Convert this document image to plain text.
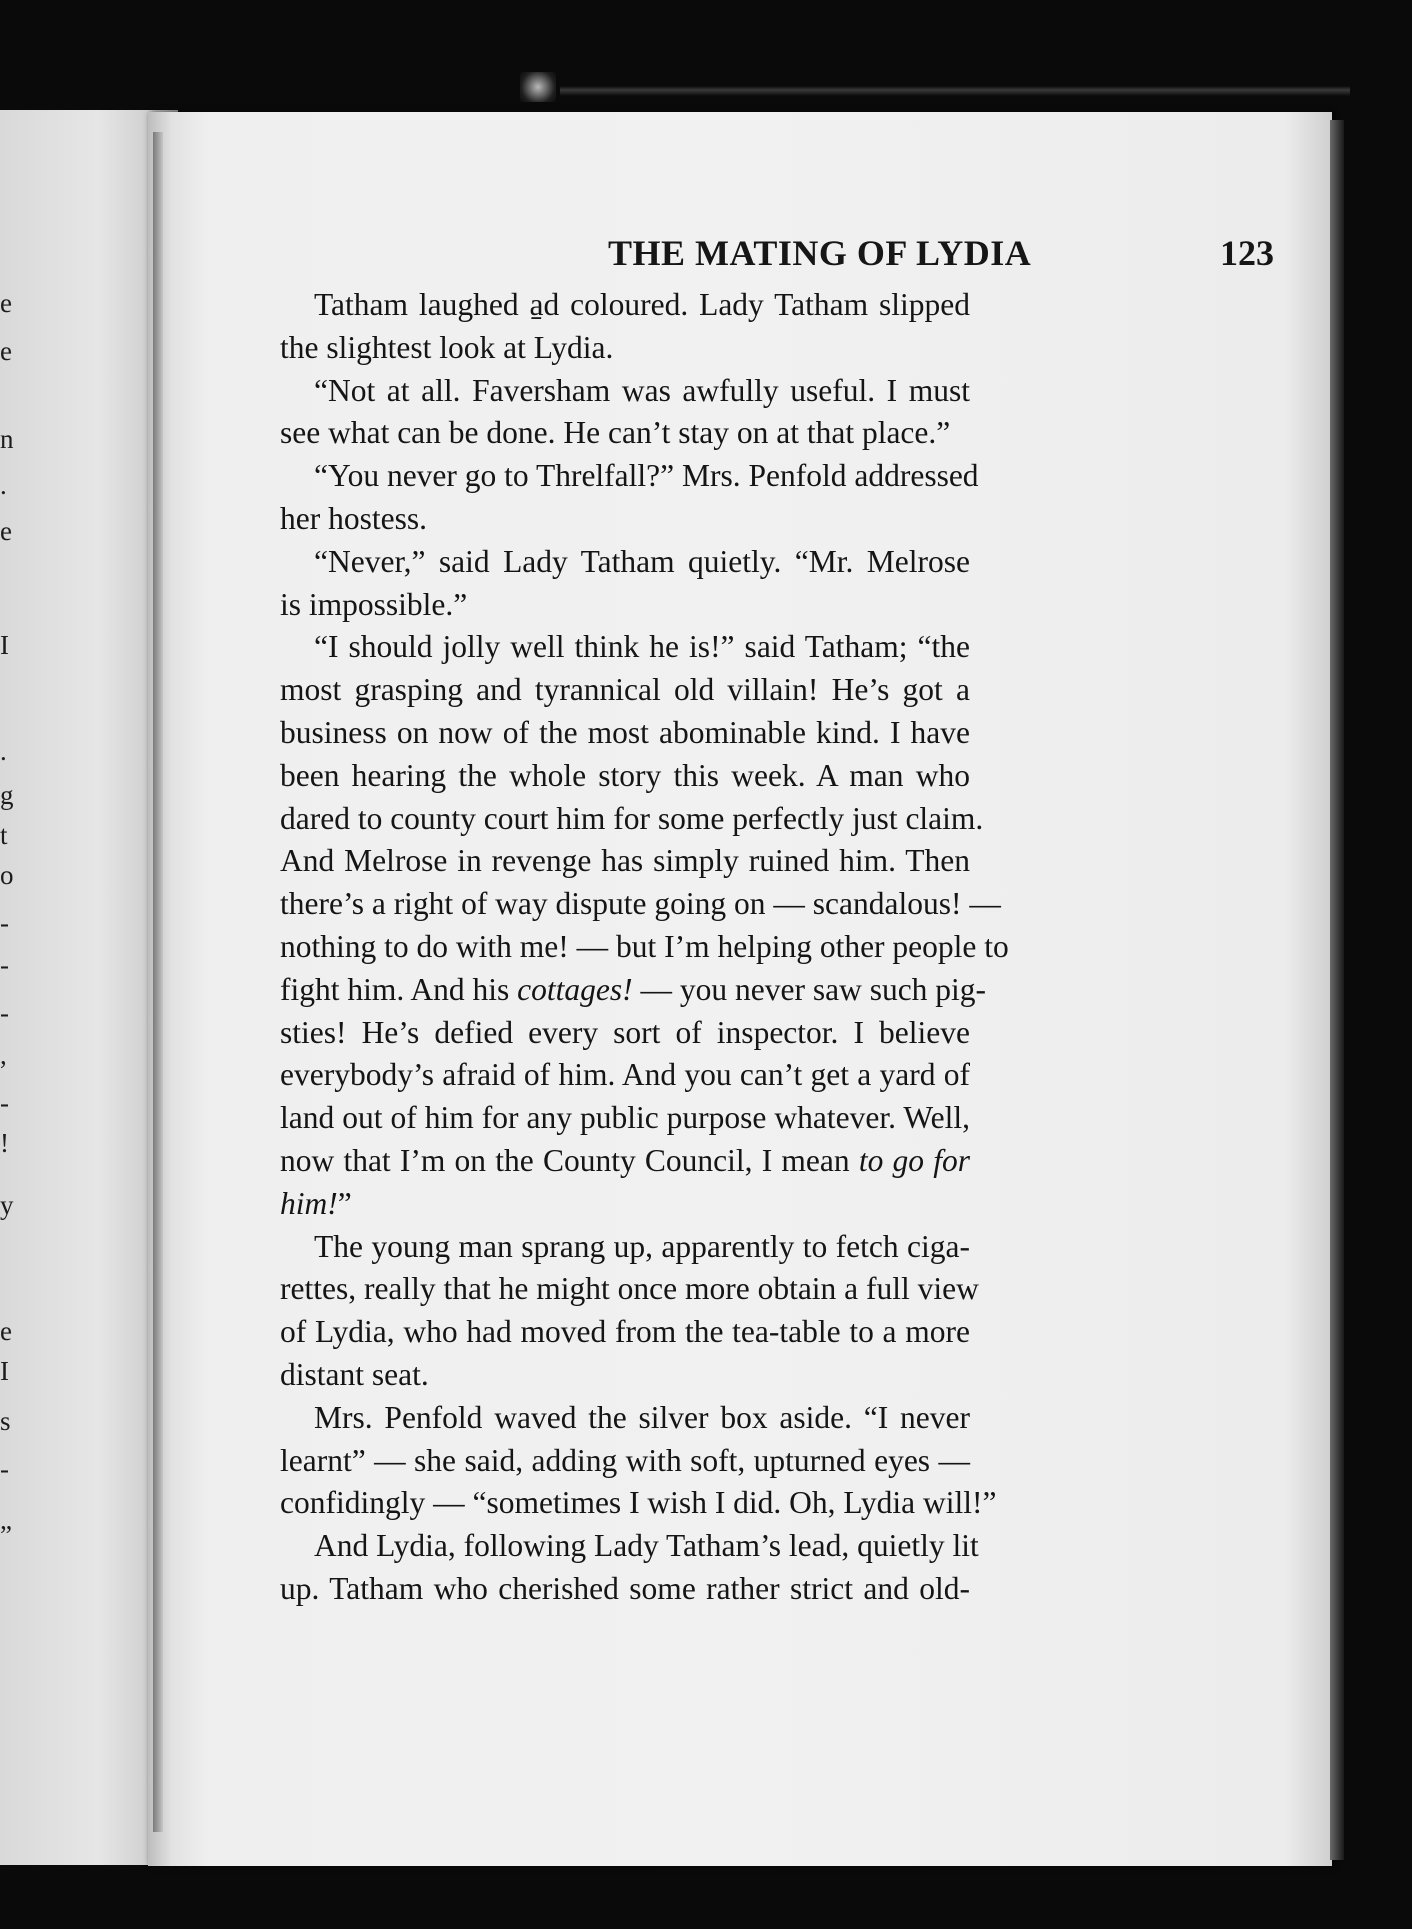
e
e
n
.
e
I
.
g
t
o
-
-
-
,
-
!
y
e
I
s
-
”
THE MATING OF LYDIA	123
Tatham laughed a̱̱d coloured. Lady Tatham slipped
the slightest look at Lydia.
“Not at all. Faversham was awfully useful. I must
see what can be done. He can’t stay on at that place.”
“You never go to Threlfall?” Mrs. Penfold addressed
her hostess.
“Never,” said Lady Tatham quietly. “Mr. Melrose
is impossible.”
“I should jolly well think he is!” said Tatham; “the
most grasping and tyrannical old villain! He’s got a
business on now of the most abominable kind. I have
been hearing the whole story this week. A man who
dared to county court him for some perfectly just claim.
And Melrose in revenge has simply ruined him. Then
there’s a right of way dispute going on — scandalous! —
nothing to do with me! — but I’m helping other people to
fight him. And his cottages! — you never saw such pig-
sties! He’s defied every sort of inspector. I believe
everybody’s afraid of him. And you can’t get a yard of
land out of him for any public purpose whatever. Well,
now that I’m on the County Council, I mean to go for
him!”
The young man sprang up, apparently to fetch ciga-
rettes, really that he might once more obtain a full view
of Lydia, who had moved from the tea-table to a more
distant seat.
Mrs. Penfold waved the silver box aside. “I never
learnt” — she said, adding with soft, upturned eyes —
confidingly — “sometimes I wish I did. Oh, Lydia will!”
And Lydia, following Lady Tatham’s lead, quietly lit
up. Tatham who cherished some rather strict and old-
